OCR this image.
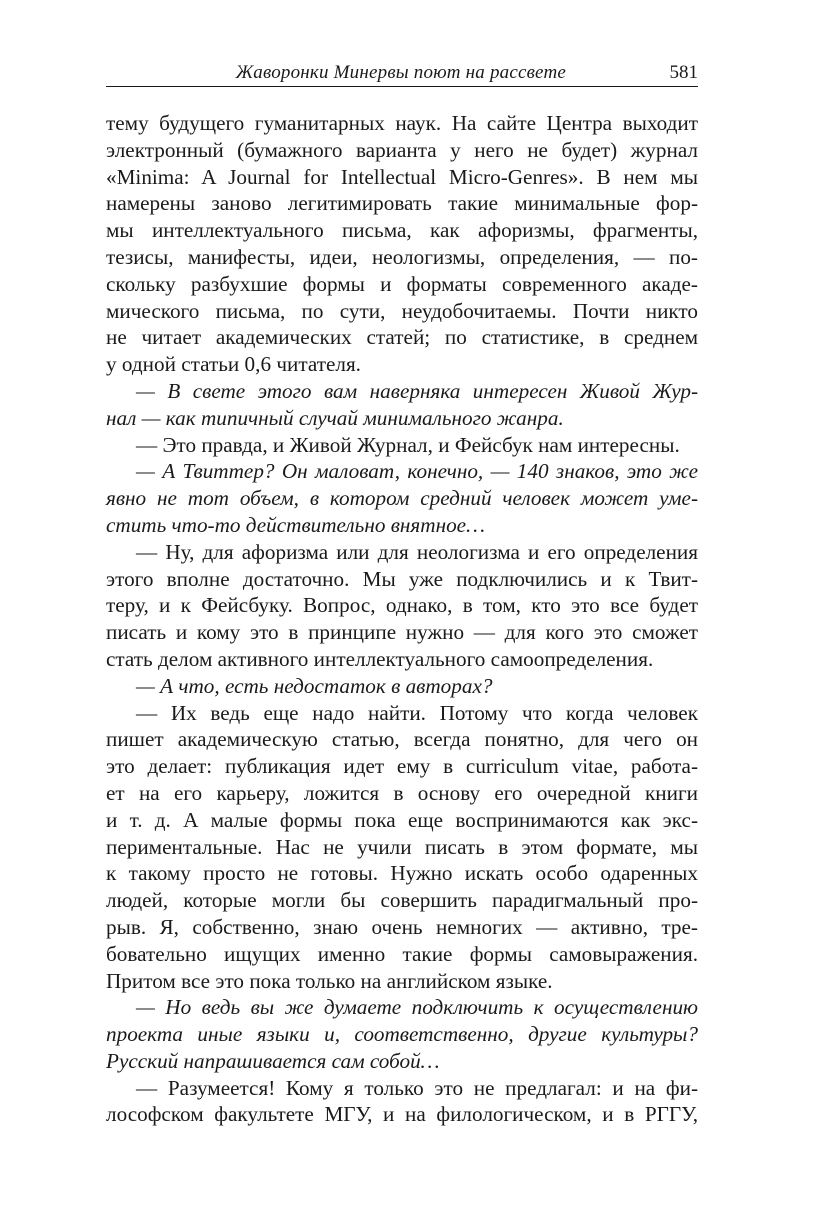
Жаворонки Минервы поют на рассвете	581
тему будущего гуманитарных наук. На сайте Центра выходит
электронный (бумажного варианта у него не будет) журнал
«Minima: A Journal for Intellectual Micro-Genres». В нем мы
намерены заново легитимировать такие минимальные фор-
мы интеллектуального письма, как афоризмы, фрагменты,
тезисы, манифесты, идеи, неологизмы, определения, — по-
скольку разбухшие формы и форматы современного акаде-
мического письма, по сути, неудобочитаемы. Почти никто
не читает академических статей; по статистике, в среднем
у одной статьи 0,6 читателя.
— В свете этого вам наверняка интересен Живой Жур-
нал — как типичный случай минимального жанра.
— Это правда, и Живой Журнал, и Фейсбук нам интересны.
— А Твиттер? Он маловат, конечно, — 140 знаков, это же
явно не тот объем, в котором средний человек может уме-
стить что-то действительно внятное…
— Ну, для афоризма или для неологизма и его определения
этого вполне достаточно. Мы уже подключились и к Твит-
теру, и к Фейсбуку. Вопрос, однако, в том, кто это все будет
писать и кому это в принципе нужно — для кого это сможет
стать делом активного интеллектуального самоопределения.
— А что, есть недостаток в авторах?
— Их ведь еще надо найти. Потому что когда человек
пишет академическую статью, всегда понятно, для чего он
это делает: публикация идет ему в curriculum vitae, работа-
ет на его карьеру, ложится в основу его очередной книги
и т. д. А малые формы пока еще воспринимаются как экс-
периментальные. Нас не учили писать в этом формате, мы
к такому просто не готовы. Нужно искать особо одаренных
людей, которые могли бы совершить парадигмальный про-
рыв. Я, собственно, знаю очень немногих — активно, тре-
бовательно ищущих именно такие формы самовыражения.
Притом все это пока только на английском языке.
— Но ведь вы же думаете подключить к осуществлению
проекта иные языки и, соответственно, другие культуры?
Русский напрашивается сам собой…
— Разумеется! Кому я только это не предлагал: и на фи-
лософском факультете МГУ, и на филологическом, и в РГГУ,
